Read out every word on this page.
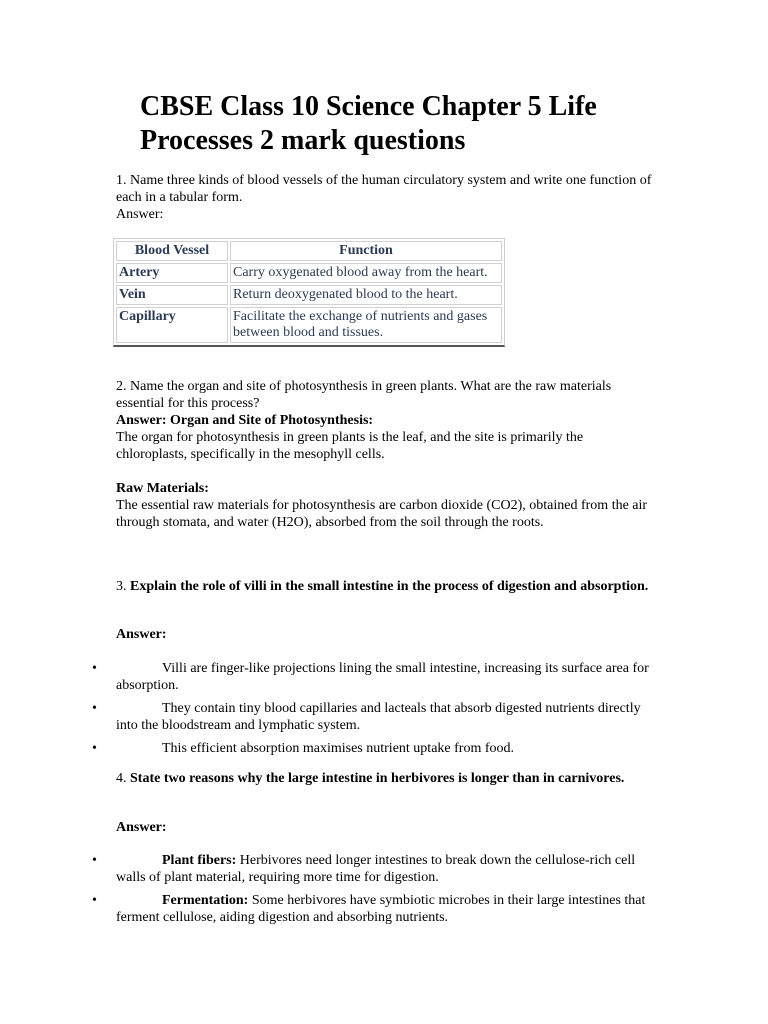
CBSE Class 10 Science Chapter 5 Life Processes 2 mark questions

1. Name three kinds of blood vessels of the human circulatory system and write one function of each in a tabular form.

Answer:

Blood Vessel	Function
Artery	Carry oxygenated blood away from the heart.
Vein	Return deoxygenated blood to the heart.
Capillary	Facilitate the exchange of nutrients and gases between blood and tissues.

2. Name the organ and site of photosynthesis in green plants. What are the raw materials essential for this process?

Answer: Organ and Site of Photosynthesis:

The organ for photosynthesis in green plants is the leaf, and the site is primarily the chloroplasts, specifically in the mesophyll cells.

Raw Materials:

The essential raw materials for photosynthesis are carbon dioxide (CO2), obtained from the air through stomata, and water (H2O), absorbed from the soil through the roots.

3. Explain the role of villi in the small intestine in the process of digestion and absorption.

Answer:
•	Villi are finger-like projections lining the small intestine, increasing its surface area for absorption.
•	They contain tiny blood capillaries and lacteals that absorb digested nutrients directly into the bloodstream and lymphatic system.
•	This efficient absorption maximises nutrient uptake from food.

4. State two reasons why the large intestine in herbivores is longer than in carnivores.

Answer:
•	Plant fibers: Herbivores need longer intestines to break down the cellulose-rich cell walls of plant material, requiring more time for digestion.
•	Fermentation: Some herbivores have symbiotic microbes in their large intestines that ferment cellulose, aiding digestion and absorbing nutrients.
